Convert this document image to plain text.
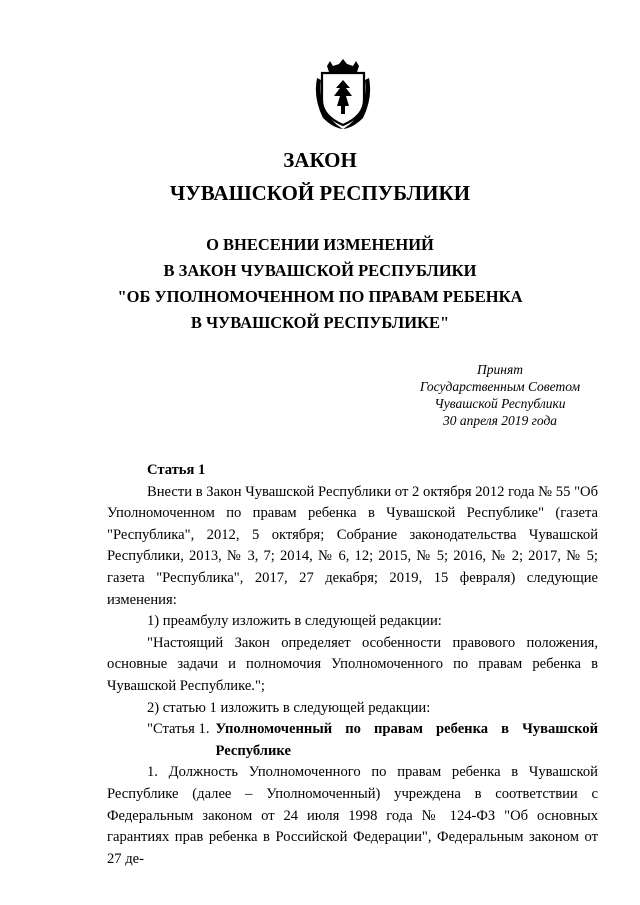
ЗАКОН
ЧУВАШСКОЙ РЕСПУБЛИКИ
О ВНЕСЕНИИ ИЗМЕНЕНИЙ
В ЗАКОН ЧУВАШСКОЙ РЕСПУБЛИКИ
"ОБ УПОЛНОМОЧЕННОМ ПО ПРАВАМ РЕБЕНКА
В ЧУВАШСКОЙ РЕСПУБЛИКЕ"
Принят
Государственным Советом
Чувашской Республики
30 апреля 2019 года

Статья 1

Внести в Закон Чувашской Республики от 2 октября 2012 года № 55 "Об Уполномоченном по правам ребенка в Чувашской Республике" (газета "Республика", 2012, 5 октября; Собрание законодательства Чувашской Республики, 2013, № 3, 7; 2014, № 6, 12; 2015, № 5; 2016, № 2; 2017, № 5; газета "Республика", 2017, 27 декабря; 2019, 15 февраля) следующие изменения:

1) преамбулу изложить в следующей редакции:

"Настоящий Закон определяет особенности правового положения, основные задачи и полномочия Уполномоченного по правам ребенка в Чувашской Республике.";

2) статью 1 изложить в следующей редакции:

"Статья 1. Уполномоченный по правам ребенка в Чувашской Республике

1. Должность Уполномоченного по правам ребенка в Чувашской Республике (далее – Уполномоченный) учреждена в соответствии с Федеральным законом от 24 июля 1998 года № 124-ФЗ "Об основных гарантиях прав ребенка в Российской Федерации", Федеральным законом от 27 де-
